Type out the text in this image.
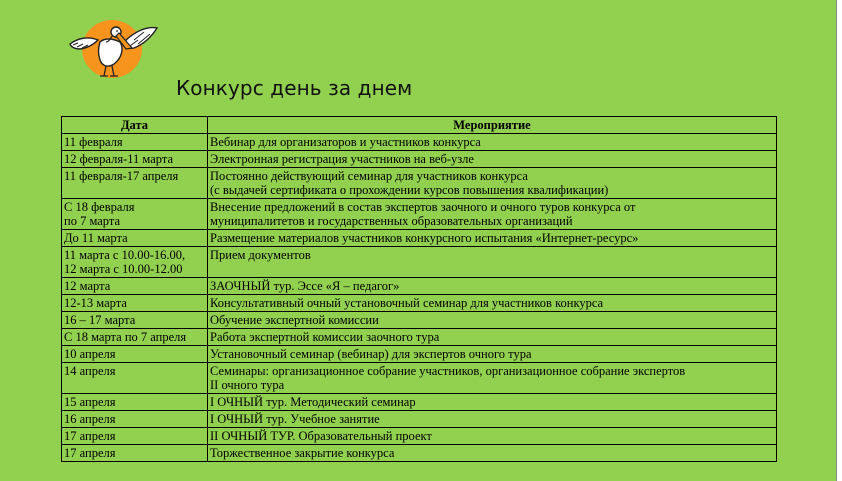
Конкурс день за днем
Дата	Мероприятие
11 февраля	Вебинар для организаторов и участников конкурса
12 февраля-11 марта	Электронная регистрация участников на веб-узле
11 февраля-17 апреля	Постоянно действующий семинар для участников конкурса
(с выдачей сертификата о прохождении курсов повышения квалификации)
С 18 февраля
по 7 марта	Внесение предложений в состав экспертов заочного и очного туров конкурса от
муниципалитетов и государственных образовательных организаций
До 11 марта	Размещение материалов участников конкурсного испытания «Интернет-ресурс»
11 марта с 10.00-16.00,
12 марта с 10.00-12.00	Прием документов
12 марта	ЗАОЧНЫЙ тур. Эссе «Я – педагог»
12-13 марта	Консультативный очный установочный семинар для участников конкурса
16 – 17 марта	Обучение экспертной комиссии
С 18 марта по 7 апреля	Работа экспертной комиссии заочного тура
10 апреля	Установочный семинар (вебинар) для экспертов очного тура
14 апреля	Семинары: организационное собрание участников, организационное собрание экспертов
II очного тура
15 апреля	I ОЧНЫЙ тур. Методический семинар
16 апреля	I ОЧНЫЙ тур. Учебное занятие
17 апреля	II ОЧНЫЙ ТУР. Образовательный проект
17 апреля	Торжественное закрытие конкурса
